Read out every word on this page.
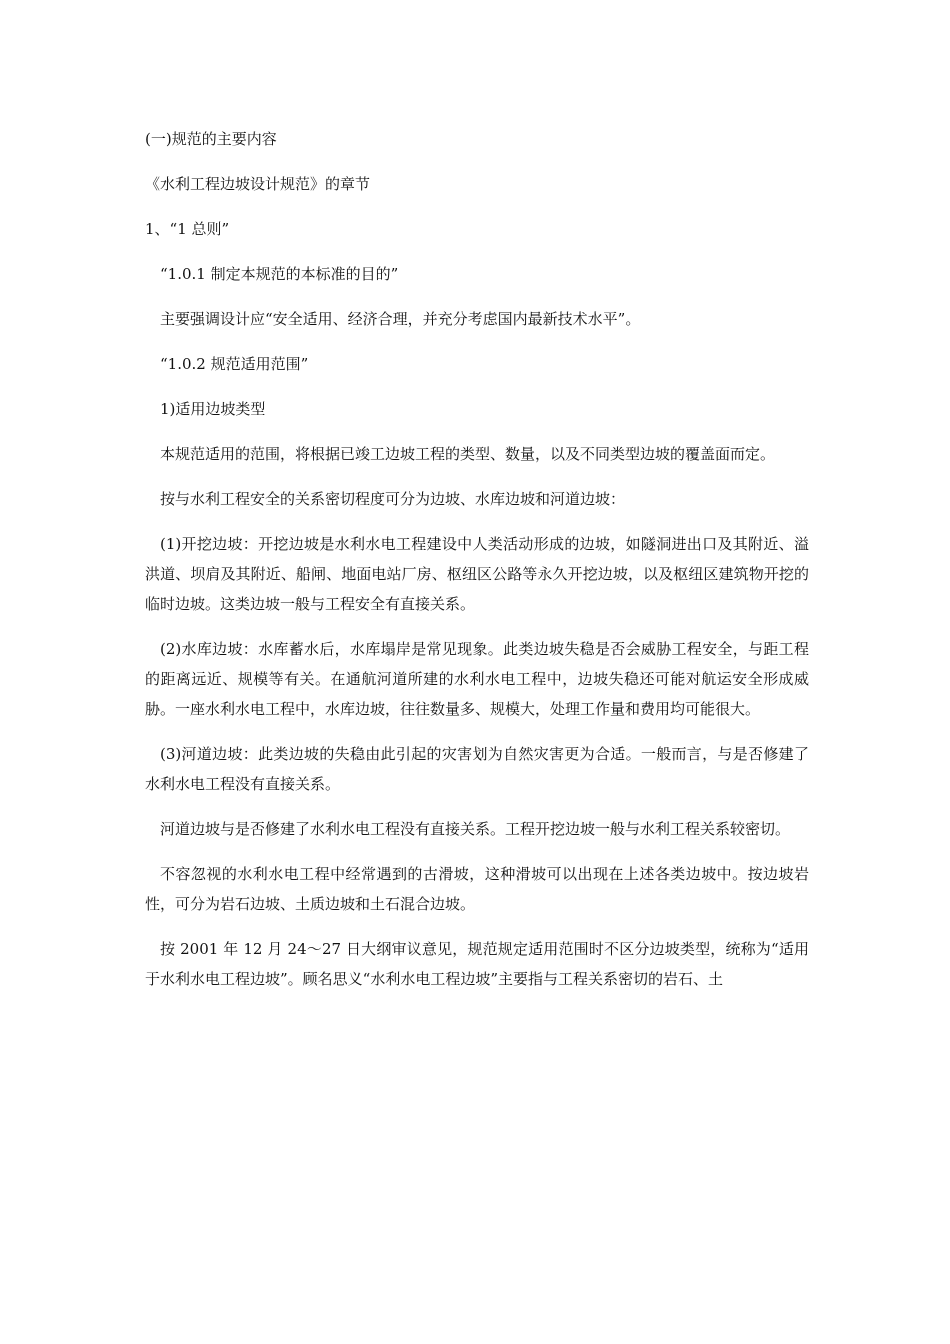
(一)规范的主要内容

《水利工程边坡设计规范》的章节

1、“1 总则”

“1.0.1 制定本规范的本标准的目的”

主要强调设计应“安全适用、经济合理，并充分考虑国内最新技术水平”。

“1.0.2 规范适用范围”

1)适用边坡类型

本规范适用的范围，将根据已竣工边坡工程的类型、数量，以及不同类型边坡的覆盖面而定。

按与水利工程安全的关系密切程度可分为边坡、水库边坡和河道边坡：

(1)开挖边坡：开挖边坡是水利水电工程建设中人类活动形成的边坡，如隧洞进出口及其附近、溢洪道、坝肩及其附近、船闸、地面电站厂房、枢纽区公路等永久开挖边坡，以及枢纽区建筑物开挖的临时边坡。这类边坡一般与工程安全有直接关系。

(2)水库边坡：水库蓄水后，水库塌岸是常见现象。此类边坡失稳是否会威胁工程安全，与距工程的距离远近、规模等有关。在通航河道所建的水利水电工程中，边坡失稳还可能对航运安全形成威胁。一座水利水电工程中，水库边坡，往往数量多、规模大，处理工作量和费用均可能很大。

(3)河道边坡：此类边坡的失稳由此引起的灾害划为自然灾害更为合适。一般而言，与是否修建了水利水电工程没有直接关系。

河道边坡与是否修建了水利水电工程没有直接关系。工程开挖边坡一般与水利工程关系较密切。

不容忽视的水利水电工程中经常遇到的古滑坡，这种滑坡可以出现在上述各类边坡中。按边坡岩性，可分为岩石边坡、土质边坡和土石混合边坡。

按 2001 年 12 月 24～27 日大纲审议意见，规范规定适用范围时不区分边坡类型，统称为“适用于水利水电工程边坡”。顾名思义“水利水电工程边坡”主要指与工程关系密切的岩石、土
